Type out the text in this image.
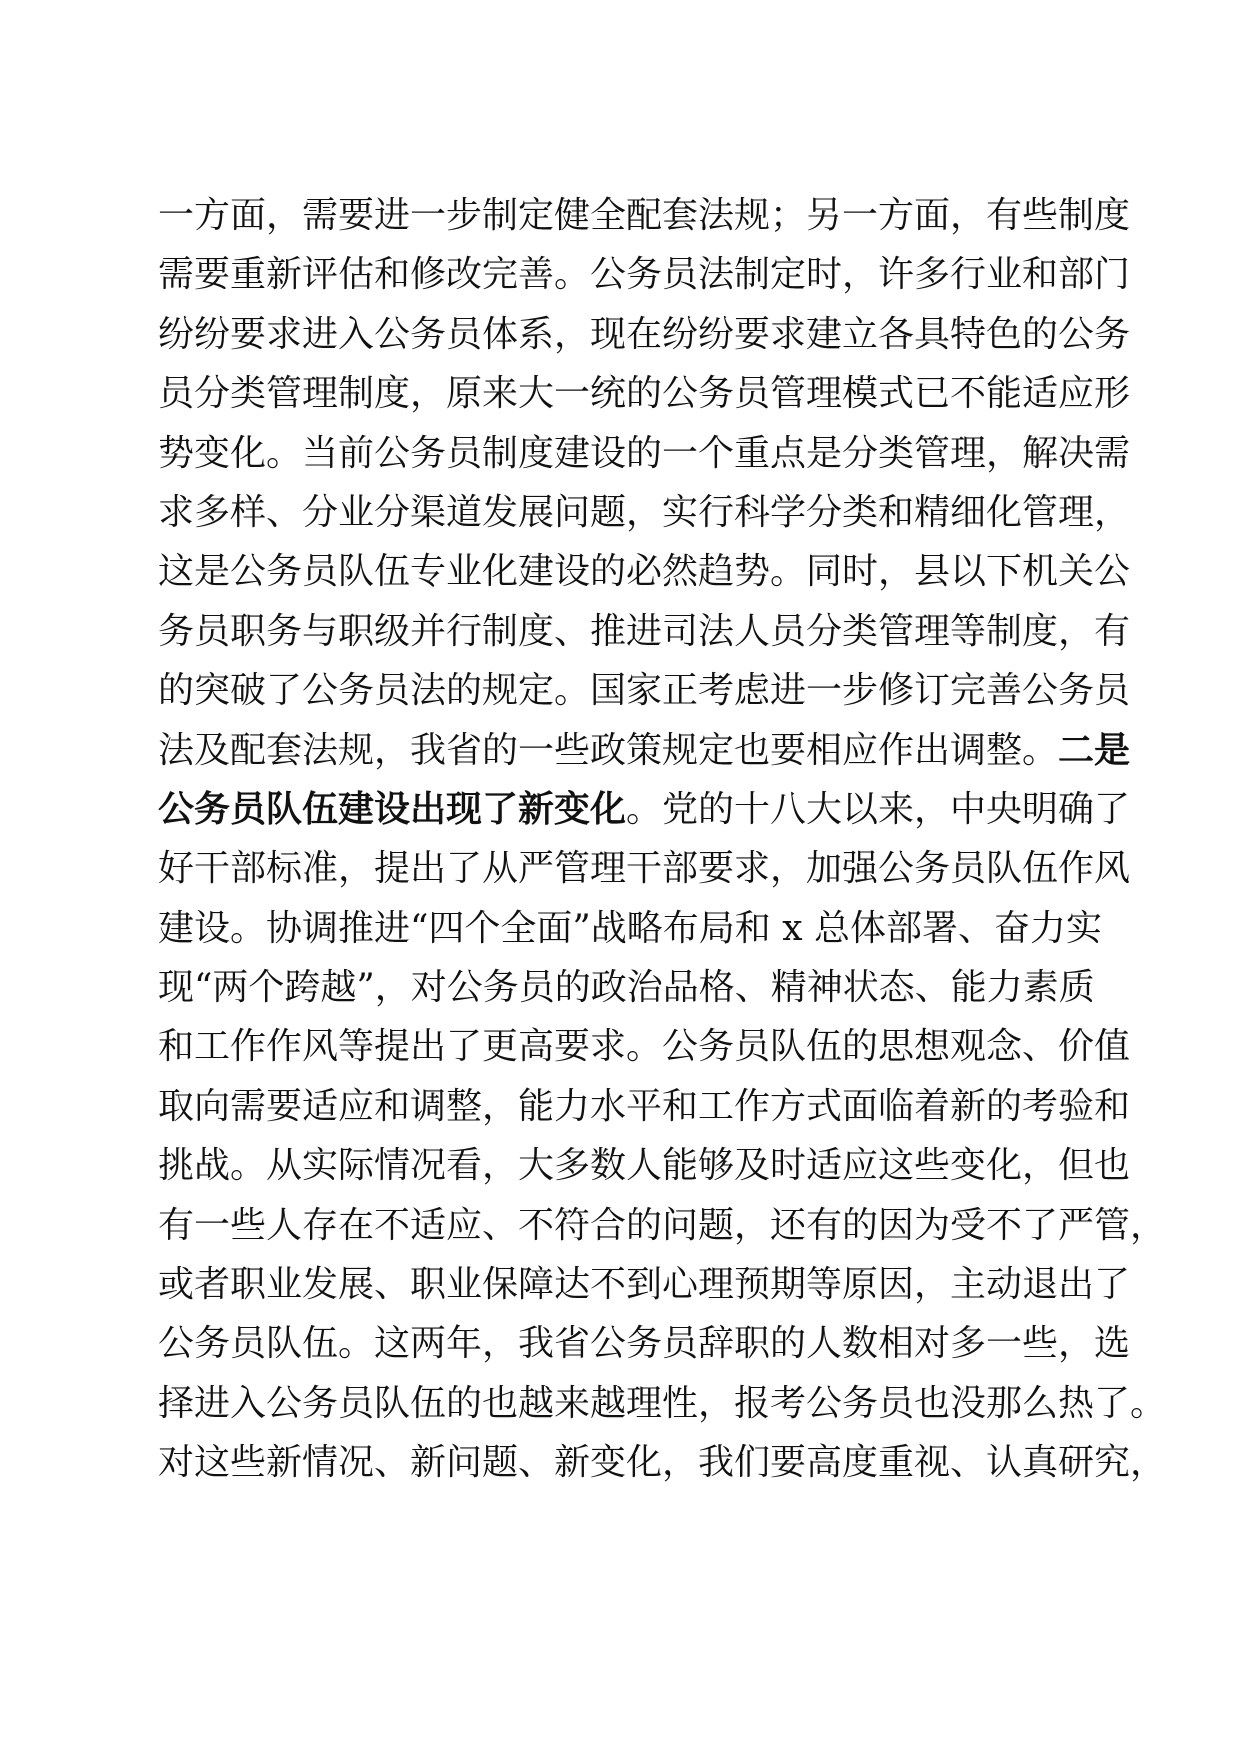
一方面，需要进一步制定健全配套法规；另一方面，有些制度
需要重新评估和修改完善。公务员法制定时，许多行业和部门
纷纷要求进入公务员体系，现在纷纷要求建立各具特色的公务
员分类管理制度，原来大一统的公务员管理模式已不能适应形
势变化。当前公务员制度建设的一个重点是分类管理，解决需
求多样、分业分渠道发展问题，实行科学分类和精细化管理，
这是公务员队伍专业化建设的必然趋势。同时，县以下机关公
务员职务与职级并行制度、推进司法人员分类管理等制度，有
的突破了公务员法的规定。国家正考虑进一步修订完善公务员
法及配套法规，我省的一些政策规定也要相应作出调整。二是
公务员队伍建设出现了新变化。党的十八大以来，中央明确了
好干部标准，提出了从严管理干部要求，加强公务员队伍作风
建设。协调推进“四个全面”战略布局和 x 总体部署、奋力实
现“两个跨越”，对公务员的政治品格、精神状态、能力素质
和工作作风等提出了更高要求。公务员队伍的思想观念、价值
取向需要适应和调整，能力水平和工作方式面临着新的考验和
挑战。从实际情况看，大多数人能够及时适应这些变化，但也
有一些人存在不适应、不符合的问题，还有的因为受不了严管，
或者职业发展、职业保障达不到心理预期等原因，主动退出了
公务员队伍。这两年，我省公务员辞职的人数相对多一些，选
择进入公务员队伍的也越来越理性，报考公务员也没那么热了。
对这些新情况、新问题、新变化，我们要高度重视、认真研究，
